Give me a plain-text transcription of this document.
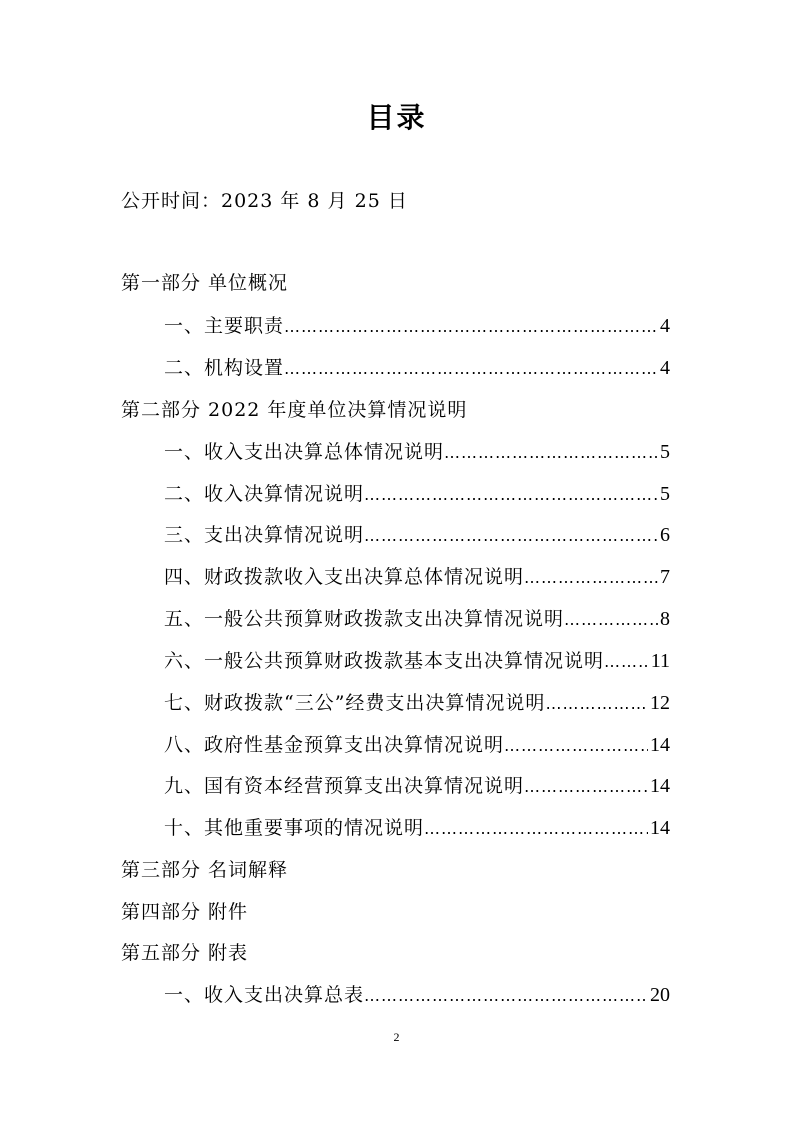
目录
公开时间：2023 年 8 月 25 日
第一部分 单位概况
一、主要职责 …………………………………………………………………………………………………………………………	4
二、机构设置 …………………………………………………………………………………………………………………………	4
第二部分 2022 年度单位决算情况说明
一、收入支出决算总体情况说明 …………………………………………………………………………………………………………………………	5
二、收入决算情况说明 …………………………………………………………………………………………………………………………	5
三、支出决算情况说明 …………………………………………………………………………………………………………………………	6
四、财政拨款收入支出决算总体情况说明 …………………………………………………………………………………………………………………………	7
五、一般公共预算财政拨款支出决算情况说明 …………………………………………………………………………………………………………………………	8
六、一般公共预算财政拨款基本支出决算情况说明 ………………………………………………………………………………………………………………………… 11
七、财政拨款“三公”经费支出决算情况说明 …………………………………………………………………………………………………………………………	12
八、政府性基金预算支出决算情况说明 …………………………………………………………………………………………………………………………	14
九、国有资本经营预算支出决算情况说明 …………………………………………………………………………………………………………………………	14
十、其他重要事项的情况说明 …………………………………………………………………………………………………………………………	14
第三部分 名词解释
第四部分 附件
第五部分 附表
一、收入支出决算总表 …………………………………………………………………………………………………………………………	20
2
